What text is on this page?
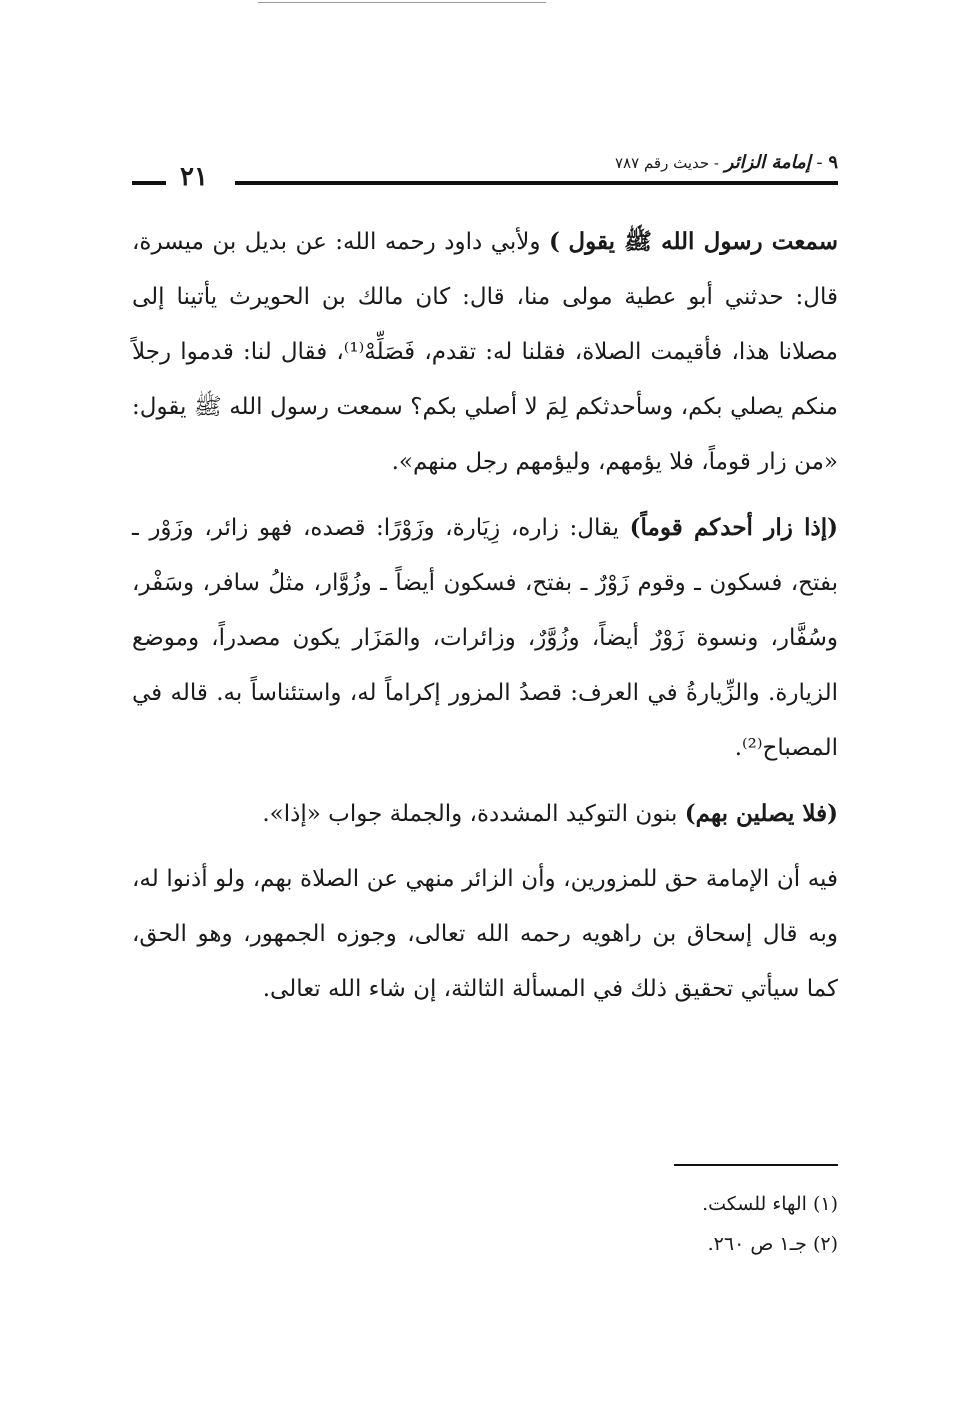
٩ - إمامة الزائر - حديث رقم ٧٨٧
٢١

سمعت رسول الله ﷺ يقول ) ولأبي داود رحمه الله: عن بديل بن ميسرة، قال: حدثني أبو عطية مولى منا، قال: كان مالك بن الحويرث يأتينا إلى مصلانا هذا، فأقيمت الصلاة، فقلنا له: تقدم، فَصَلِّهْ⁽¹⁾، فقال لنا: قدموا رجلاً منكم يصلي بكم، وسأحدثكم لِمَ لا أصلي بكم؟ سمعت رسول الله ﷺ يقول: «من زار قوماً، فلا يؤمهم، وليؤمهم رجل منهم».

(إذا زار أحدكم قوماً) يقال: زاره، زِيَارة، وزَوْرًا: قصده، فهو زائر، وزَوْر ـ بفتح، فسكون ـ وقوم زَوْرٌ ـ بفتح، فسكون أيضاً ـ وزُوَّار، مثلُ سافر، وسَفْر، وسُفَّار، ونسوة زَوْرٌ أيضاً، وزُوَّرٌ، وزائرات، والمَزَار يكون مصدراً، وموضع الزيارة. والزِّيارةُ في العرف: قصدُ المزور إكراماً له، واستئناساً به. قاله في المصباح⁽²⁾.

(فلا يصلين بهم) بنون التوكيد المشددة، والجملة جواب «إذا».

فيه أن الإمامة حق للمزورين، وأن الزائر منهي عن الصلاة بهم، ولو أذنوا له، وبه قال إسحاق بن راهويه رحمه الله تعالى، وجوزه الجمهور، وهو الحق، كما سيأتي تحقيق ذلك في المسألة الثالثة، إن شاء الله تعالى.

(١) الهاء للسكت.
(٢) جـ١ ص ٢٦٠.
